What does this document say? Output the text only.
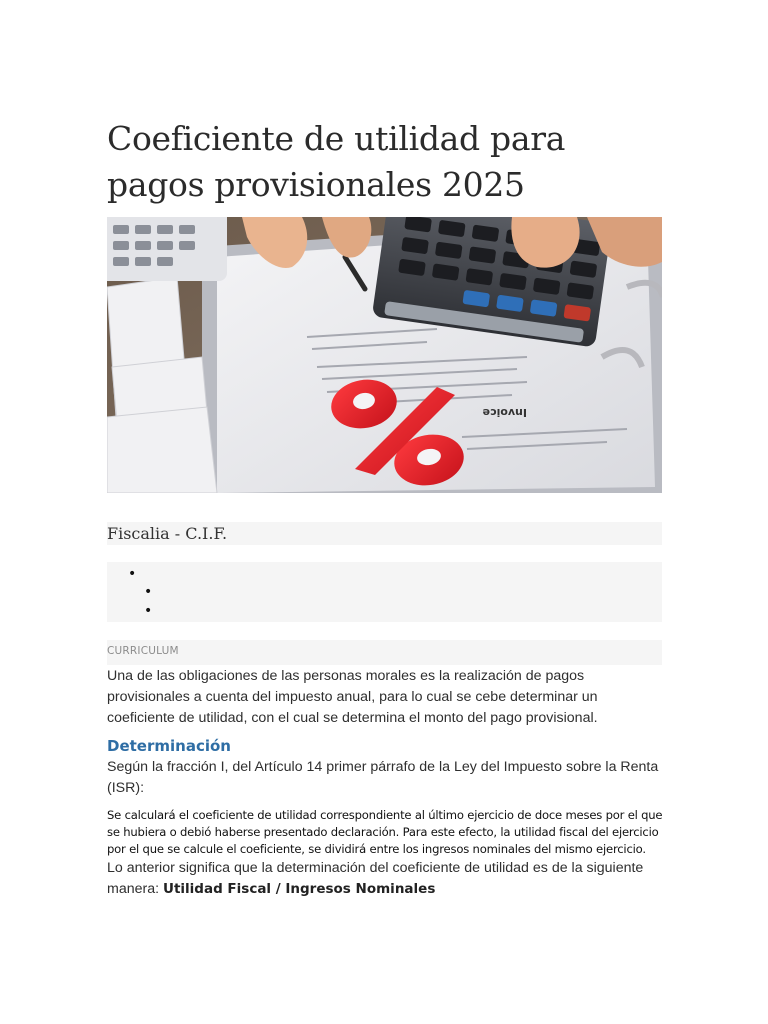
Coeficiente de utilidad para pagos provisionales 2025
Invoice
Fiscalia - C.I.F.
•
•
•
CURRICULUM

Una de las obligaciones de las personas morales es la realización de pagos provisionales a cuenta del impuesto anual, para lo cual se cebe determinar un coeficiente de utilidad, con el cual se determina el monto del pago provisional.

Determinación

Según la fracción I, del Artículo 14 primer párrafo de la Ley del Impuesto sobre la Renta (ISR):

Se calculará el coeficiente de utilidad correspondiente al último ejercicio de doce meses por el que se hubiera o debió haberse presentado declaración. Para este efecto, la utilidad fiscal del ejercicio por el que se calcule el coeficiente, se dividirá entre los ingresos nominales del mismo ejercicio.

Lo anterior significa que la determinación del coeficiente de utilidad es de la siguiente manera: Utilidad Fiscal / Ingresos Nominales
